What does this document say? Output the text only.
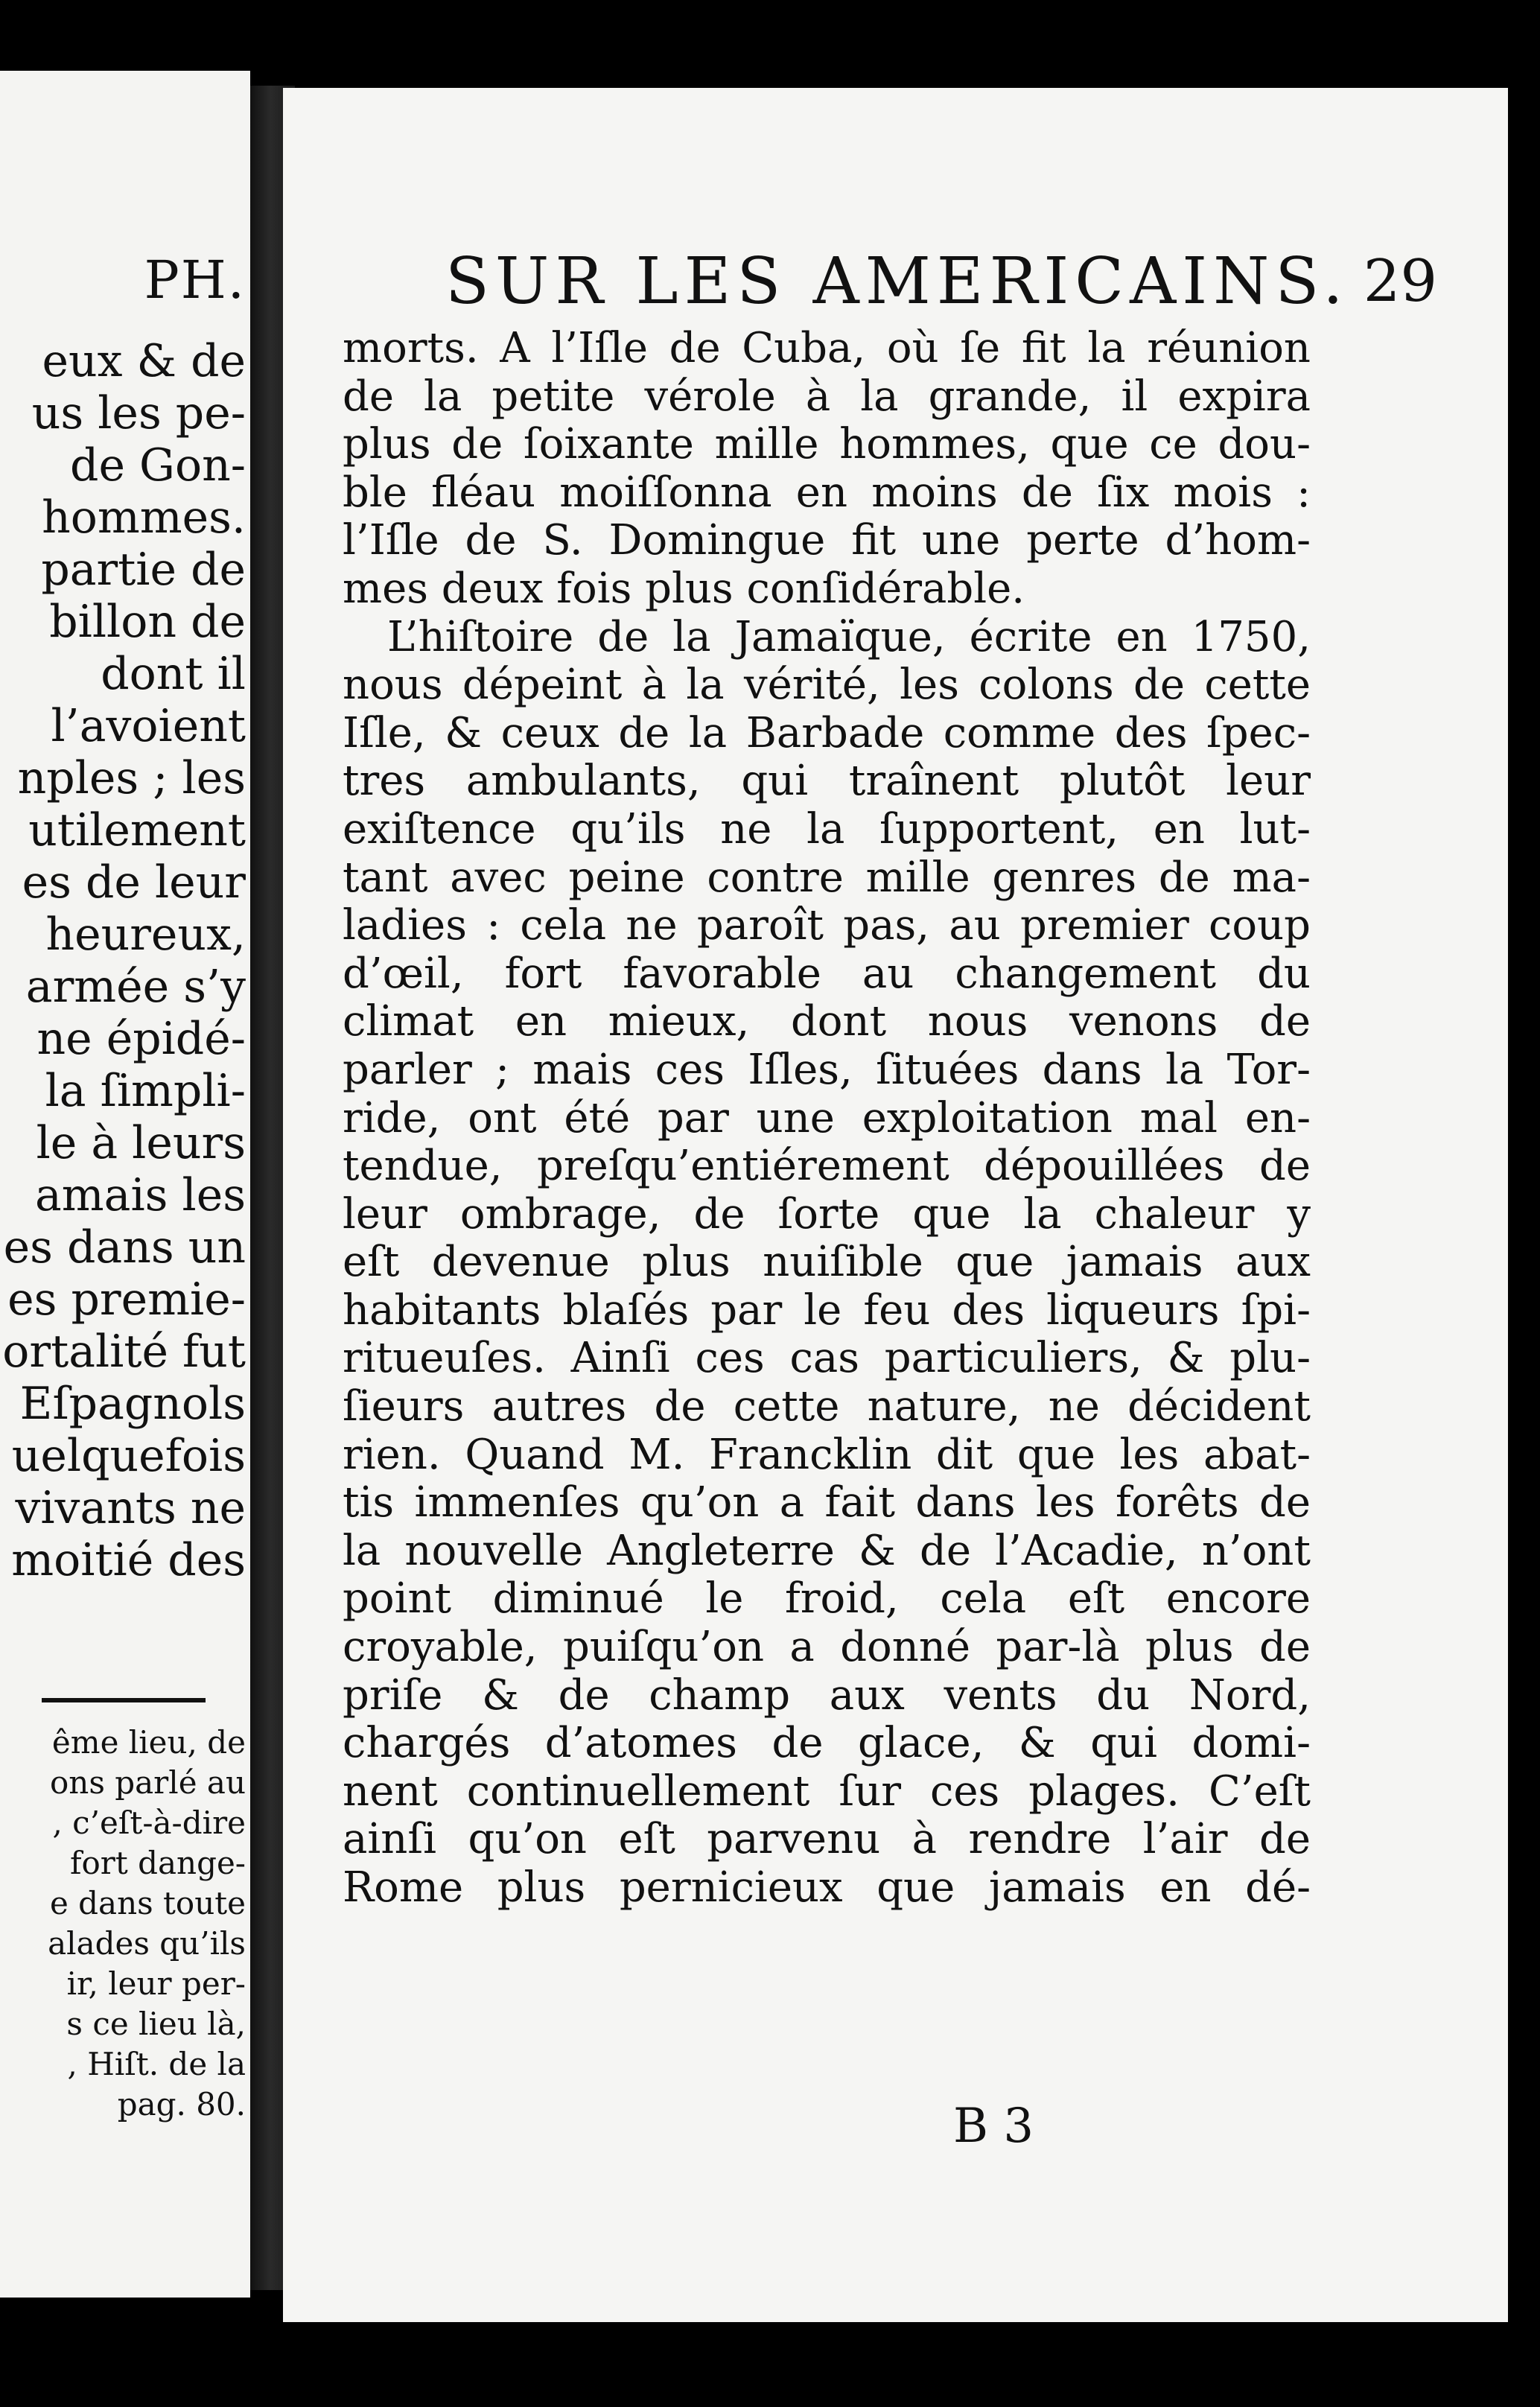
PH.
eux & de
us les pe-
de Gon-
hommes.
partie de
billon de
dont il
l’avoient
nples ; les
utilement
es de leur
heureux,
armée s’y
ne épidé-
la ſimpli-
le à leurs
amais les
es dans un
es premie-
ortalité fut
Eſpagnols
uelquefois
vivants ne
moitié des
ême lieu, de
ons parlé au
, c’eſt-à-dire
fort dange-
e dans toute
alades qu’ils
ir, leur per-
s ce lieu là,
, Hiſt. de la
pag. 80.
SUR LES AMERICAINS. 29
morts. A l’Iſle de Cuba, où ſe fit la réunion
de la petite vérole à la grande, il expira
plus de ſoixante mille hommes, que ce dou-
ble fléau moiſſonna en moins de ſix mois :
l’Iſle de S. Domingue fit une perte d’hom-
mes deux fois plus conſidérable.
L’hiſtoire de la Jamaïque, écrite en 1750,
nous dépeint à la vérité, les colons de cette
Iſle, & ceux de la Barbade comme des ſpec-
tres ambulants, qui traînent plutôt leur
exiſtence qu’ils ne la ſupportent, en lut-
tant avec peine contre mille genres de ma-
ladies : cela ne paroît pas, au premier coup
d’œil, fort favorable au changement du
climat en mieux, dont nous venons de
parler ; mais ces Iſles, ſituées dans la Tor-
ride, ont été par une exploitation mal en-
tendue, preſqu’entiérement dépouillées de
leur ombrage, de ſorte que la chaleur y
eſt devenue plus nuiſible que jamais aux
habitants blaſés par le feu des liqueurs ſpi-
ritueuſes. Ainſi ces cas particuliers, & plu-
ſieurs autres de cette nature, ne décident
rien. Quand M. Francklin dit que les abat-
tis immenſes qu’on a fait dans les forêts de
la nouvelle Angleterre & de l’Acadie, n’ont
point diminué le froid, cela eſt encore
croyable, puiſqu’on a donné par-là plus de
priſe & de champ aux vents du Nord,
chargés d’atomes de glace, & qui domi-
nent continuellement ſur ces plages. C’eſt
ainſi qu’on eſt parvenu à rendre l’air de
Rome plus pernicieux que jamais en dé-
B 3
